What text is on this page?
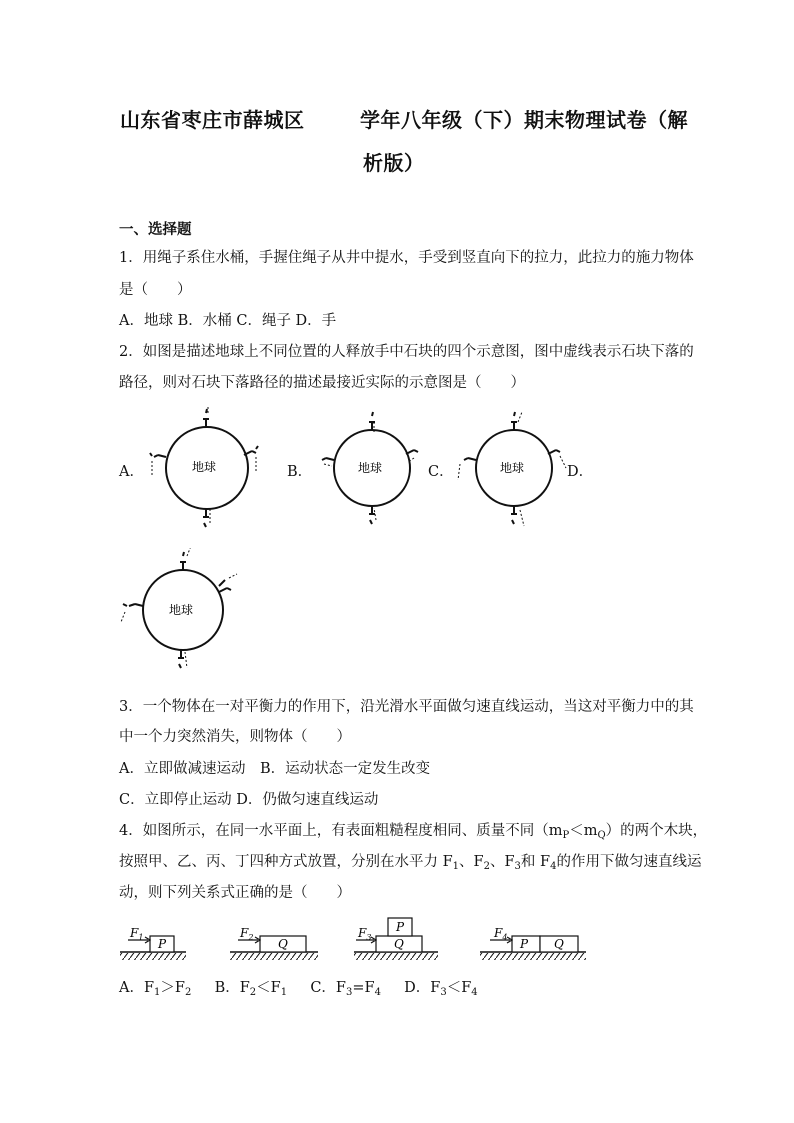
山东省枣庄市薛城区	学年八年级（下）期末物理试卷（解
析版）
一、选择题
1．用绳子系住水桶，手握住绳子从井中提水，手受到竖直向下的拉力，此拉力的施力物体
是（　　）
A．地球 B．水桶 C．绳子 D．手
2．如图是描述地球上不同位置的人释放手中石块的四个示意图，图中虚线表示石块下落的
路径，则对石块下落路径的描述最接近实际的示意图是（　　）
A．	B．	C．	D．
地球	地球	地球
地球
3．一个物体在一对平衡力的作用下，沿光滑水平面做匀速直线运动，当这对平衡力中的其
中一个力突然消失，则物体（　　）
A．立即做减速运动　B．运动状态一定发生改变
C．立即停止运动 D．仍做匀速直线运动
4．如图所示，在同一水平面上，有表面粗糙程度相同、质量不同$(m_P<m_Q)$的两个木块，
按照甲、乙、丙、丁四种方式放置，分别在水平力 $F_1$、$F_2$、$F_3$和 $F_4$的作用下做匀速直线运
动，则下列关系式正确的是（　　）
P
$F_1$	Q
$F_2$	Q
P
$F_3$	P Q
$F_4$
A．$F_1>F_2$ B．$F_2<F_1$ C．$F_3=F_4$ D．$F_3<F_4$
